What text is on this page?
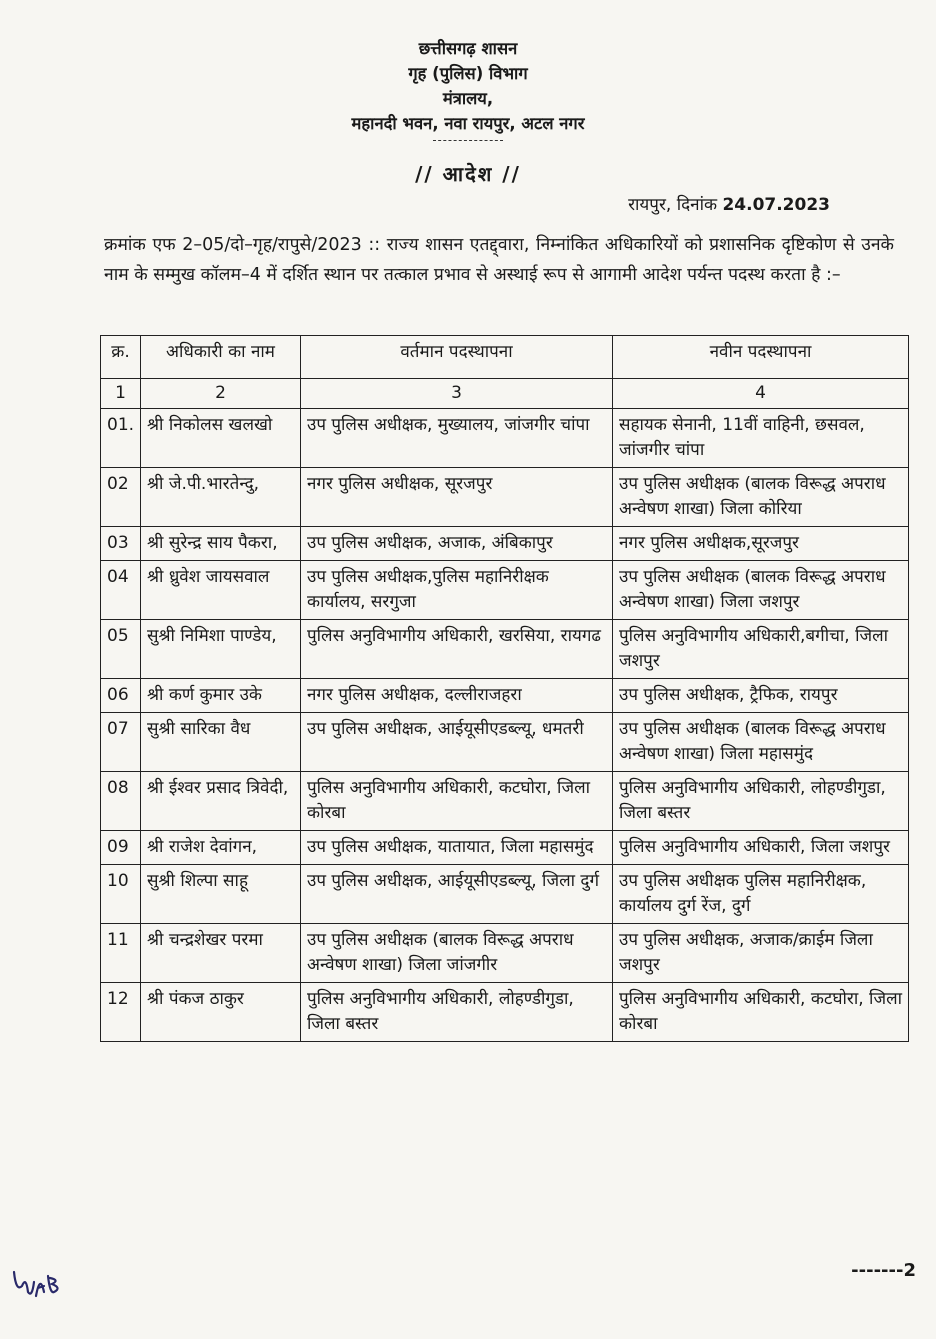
छत्तीसगढ़ शासन
गृह (पुलिस) विभाग
मंत्रालय,
महानदी भवन, नवा रायपुर, अटल नगर
// आदेश //
रायपुर, दिनांक 24.07.2023
क्रमांक एफ 2–05/दो–गृह/रापुसे/2023 :: राज्य शासन एतद्द्वारा, निम्नांकित अधिकारियों को प्रशासनिक दृष्टिकोण से उनके नाम के सम्मुख कॉलम–4 में दर्शित स्थान पर तत्काल प्रभाव से अस्थाई रूप से आगामी आदेश पर्यन्त पदस्थ करता है :–
क्र.	अधिकारी का नाम	वर्तमान पदस्थापना	नवीन पदस्थापना
1	2	3	4
01.	श्री निकोलस खलखो	उप पुलिस अधीक्षक, मुख्यालय, जांजगीर चांपा	सहायक सेनानी, 11वीं वाहिनी, छसवल, जांजगीर चांपा
02	श्री जे.पी.भारतेन्दु,	नगर पुलिस अधीक्षक, सूरजपुर	उप पुलिस अधीक्षक (बालक विरूद्ध अपराध अन्वेषण शाखा) जिला कोरिया
03	श्री सुरेन्द्र साय पैकरा,	उप पुलिस अधीक्षक, अजाक, अंबिकापुर	नगर पुलिस अधीक्षक,सूरजपुर
04	श्री ध्रुवेश जायसवाल	उप पुलिस अधीक्षक,पुलिस महानिरीक्षक कार्यालय, सरगुजा	उप पुलिस अधीक्षक (बालक विरूद्ध अपराध अन्वेषण शाखा) जिला जशपुर
05	सुश्री निमिशा पाण्डेय,	पुलिस अनुविभागीय अधिकारी, खरसिया, रायगढ	पुलिस अनुविभागीय अधिकारी,बगीचा, जिला जशपुर
06	श्री कर्ण कुमार उके	नगर पुलिस अधीक्षक, दल्लीराजहरा	उप पुलिस अधीक्षक, ट्रैफिक, रायपुर
07	सुश्री सारिका वैध	उप पुलिस अधीक्षक, आईयूसीएडब्ल्यू, धमतरी	उप पुलिस अधीक्षक (बालक विरूद्ध अपराध अन्वेषण शाखा) जिला महासमुंद
08	श्री ईश्वर प्रसाद त्रिवेदी,	पुलिस अनुविभागीय अधिकारी, कटघोरा, जिला कोरबा	पुलिस अनुविभागीय अधिकारी, लोहण्डीगुडा, जिला बस्तर
09	श्री राजेश देवांगन,	उप पुलिस अधीक्षक, यातायात, जिला महासमुंद	पुलिस अनुविभागीय अधिकारी, जिला जशपुर
10	सुश्री शिल्पा साहू	उप पुलिस अधीक्षक, आईयूसीएडब्ल्यू, जिला दुर्ग	उप पुलिस अधीक्षक पुलिस महानिरीक्षक, कार्यालय दुर्ग रेंज, दुर्ग
11	श्री चन्द्रशेखर परमा	उप पुलिस अधीक्षक (बालक विरूद्ध अपराध अन्वेषण शाखा) जिला जांजगीर	उप पुलिस अधीक्षक, अजाक/क्राईम जिला जशपुर
12	श्री पंकज ठाकुर	पुलिस अनुविभागीय अधिकारी, लोहण्डीगुडा, जिला बस्तर	पुलिस अनुविभागीय अधिकारी, कटघोरा, जिला कोरबा
-------2
